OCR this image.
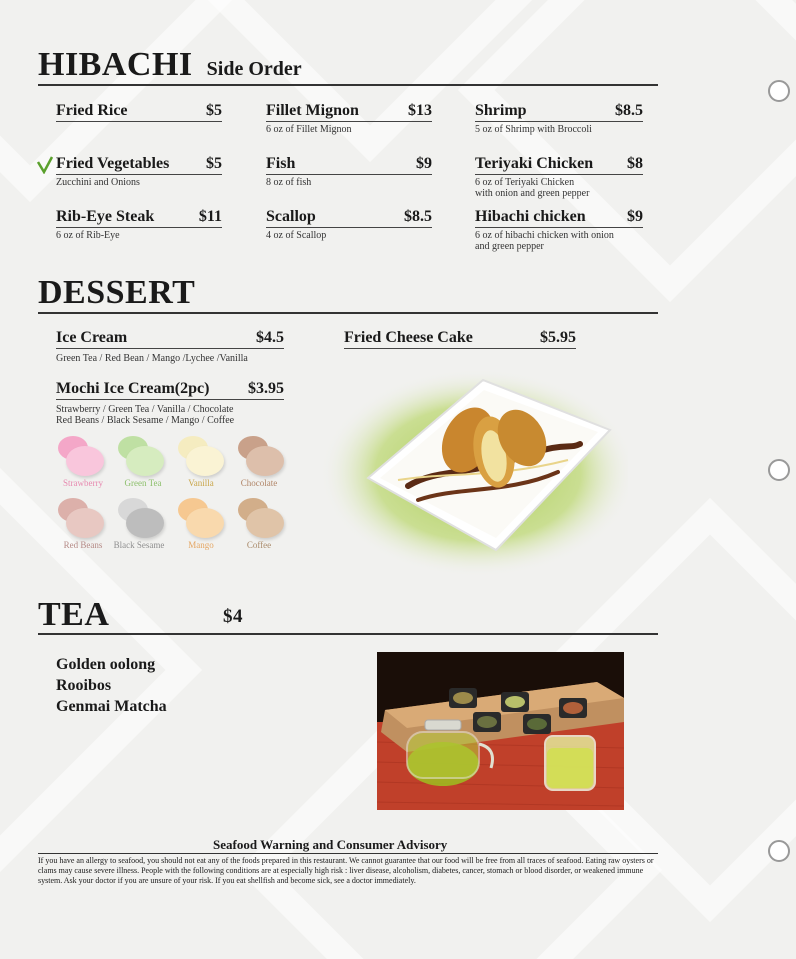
HIBACHI Side Order
Fried Rice	$5	Fillet Mignon	$13
6 oz of Fillet Mignon
Shrimp	$8.5
5 oz of Shrimp with Broccoli
Fried Vegetables $5
Zucchini and Onions
Fish	$9
8 oz of fish
Teriyaki Chicken $8
6 oz of Teriyaki Chicken
with onion and green pepper
Rib-Eye Steak	$11
6 oz of Rib-Eye
Scallop	$8.5
4 oz of Scallop
Hibachi chicken	$9
6 oz of hibachi chicken with onion
and green pepper
DESSERT
Ice Cream	$4.5
Green Tea / Red Bean / Mango /Lychee /Vanilla
Mochi Ice Cream(2pc) $3.95
Strawberry / Green Tea / Vanilla / Chocolate
Red Beans / Black Sesame / Mango / Coffee
Fried Cheese Cake	$5.95
Strawberry	Green Tea	Vanilla	Chocolate
Red Beans	Black Sesame	Mango	Coffee
TEA	$4
Golden oolong
Rooibos
Genmai Matcha
Seafood Warning and Consumer Advisory
If you have an allergy to seafood, you should not eat any of the foods prepared in this restaurant. We cannot guarantee that our food will be free from all traces of seafood. Eating raw oysters or clams may cause severe illness. People with the following conditions are at especially high risk : liver disease, alcoholism, diabetes, cancer, stomach or blood disorder, or weakened immune system. Ask your doctor if you are unsure of your risk. If you eat shellfish and become sick, see a doctor immediately.
